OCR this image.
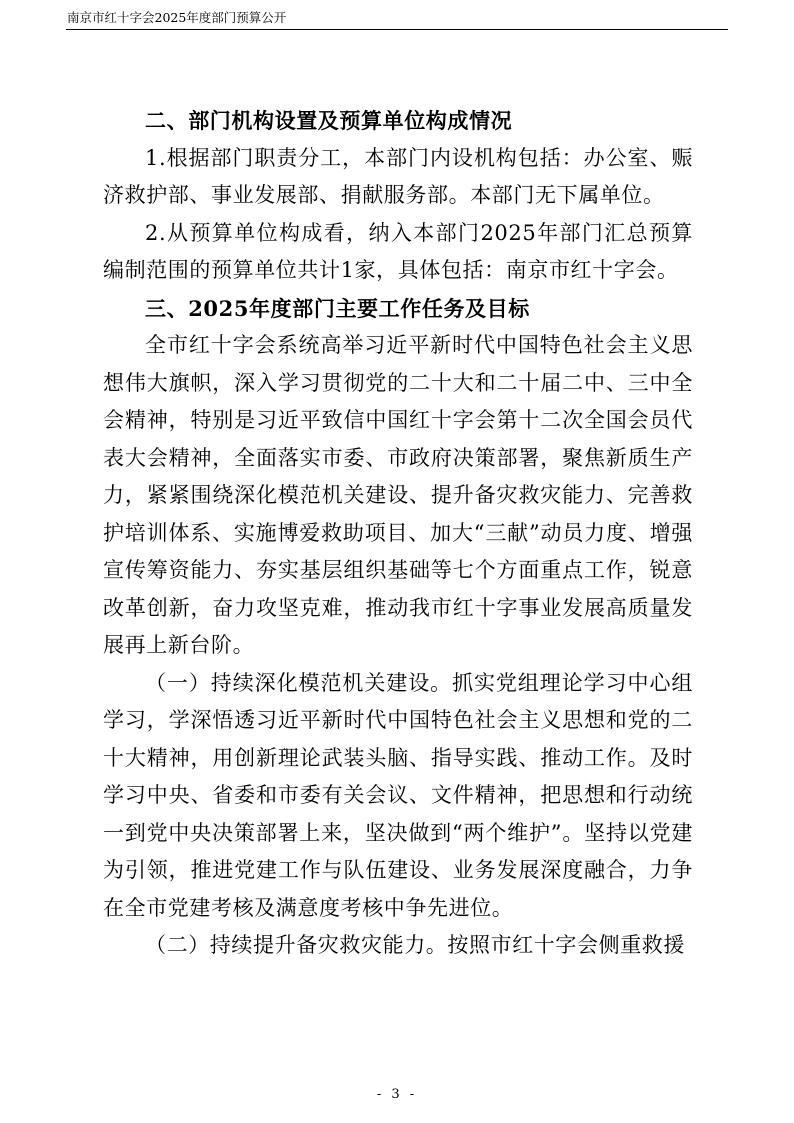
南京市红十字会2025年度部门预算公开

二、部门机构设置及预算单位构成情况

1.根据部门职责分工，本部门内设机构包括：办公室、赈济救护部、事业发展部、捐献服务部。本部门无下属单位。

2.从预算单位构成看，纳入本部门2025年部门汇总预算编制范围的预算单位共计1家，具体包括：南京市红十字会。

三、2025年度部门主要工作任务及目标

全市红十字会系统高举习近平新时代中国特色社会主义思想伟大旗帜，深入学习贯彻党的二十大和二十届二中、三中全会精神，特别是习近平致信中国红十字会第十二次全国会员代表大会精神，全面落实市委、市政府决策部署，聚焦新质生产力，紧紧围绕深化模范机关建设、提升备灾救灾能力、完善救护培训体系、实施博爱救助项目、加大“三献”动员力度、增强宣传筹资能力、夯实基层组织基础等七个方面重点工作，锐意改革创新，奋力攻坚克难，推动我市红十字事业发展高质量发展再上新台阶。

（一）持续深化模范机关建设。抓实党组理论学习中心组学习，学深悟透习近平新时代中国特色社会主义思想和党的二十大精神，用创新理论武装头脑、指导实践、推动工作。及时学习中央、省委和市委有关会议、文件精神，把思想和行动统一到党中央决策部署上来，坚决做到“两个维护”。坚持以党建为引领，推进党建工作与队伍建设、业务发展深度融合，力争在全市党建考核及满意度考核中争先进位。

（二）持续提升备灾救灾能力。按照市红十字会侧重救援

- 3 -
